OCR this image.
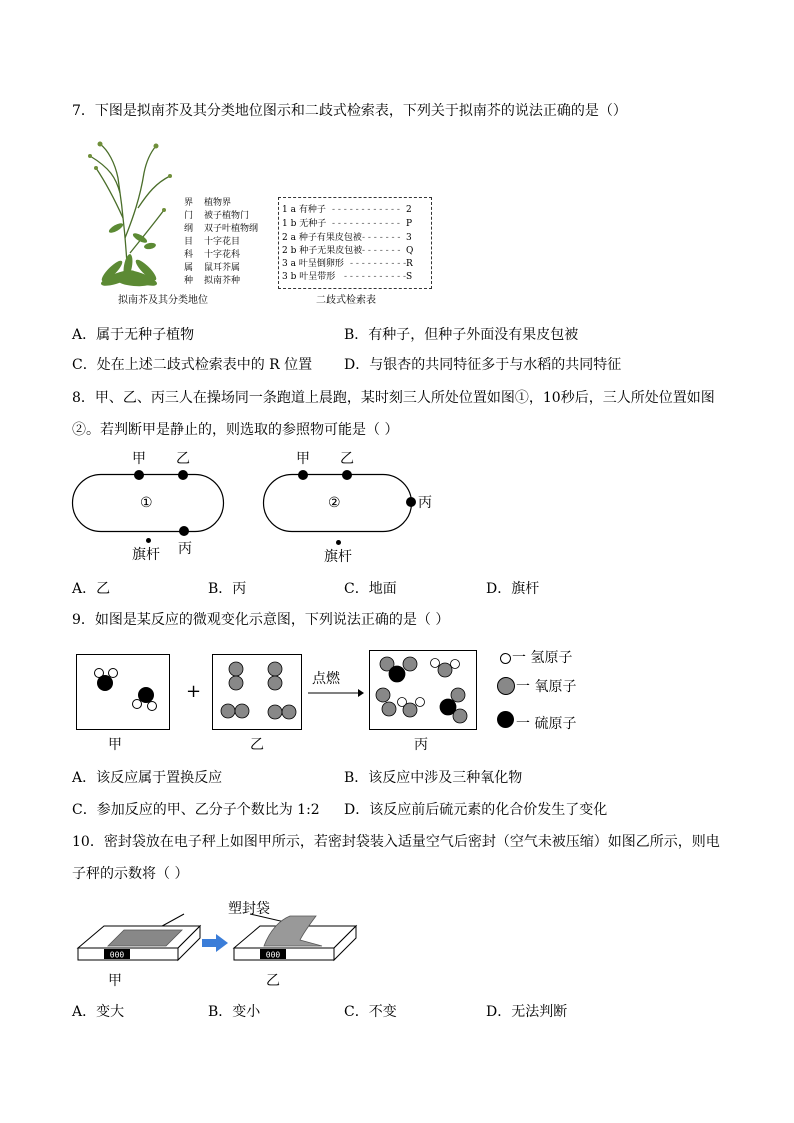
7．下图是拟南芥及其分类地位图示和二歧式检索表，下列关于拟南芥的说法正确的是（）
界 植物界
门 被子植物门
纲 双子叶植物纲
目 十字花目
科 十字花科
属 鼠耳芥属
种 拟南芥种
1 a 有种子 - - - - - - - - - - - - 2
1 b 无种子 - - - - - - - - - - - - P
2 a 种子有果皮包被 - - - - - - - 3
2 b 种子无果皮包被 - - - - - - - Q
3 a 叶呈倒卵形 - - - - - - - - - - R
3 b 叶呈带形 - - - - - - - - - - - S
拟南芥及其分类地位	二歧式检索表
A．属于无种子植物	B．有种子，但种子外面没有果皮包被
C．处在上述二歧式检索表中的 R 位置 D．与银杏的共同特征多于与水稻的共同特征
8．甲、乙、丙三人在操场同一条跑道上晨跑，某时刻三人所处位置如图①，10秒后，三人所处位置如图
②。若判断甲是静止的，则选取的参照物可能是（ ）
甲 乙
①
丙
旗杆
甲 乙
②	丙
旗杆
A．乙	B．丙	C．地面	D．旗杆
9．如图是某反应的微观变化示意图，下列说法正确的是（ ）
+
点燃
甲	乙	丙
一 氢原子
一 氧原子
一 硫原子
A．该反应属于置换反应	B．该反应中涉及三种氧化物
C．参加反应的甲、乙分子个数比为 1:2 D．该反应前后硫元素的化合价发生了变化
10．密封袋放在电子秤上如图甲所示，若密封袋装入适量空气后密封（空气未被压缩）如图乙所示，则电
子秤的示数将（ ）
塑封袋
000	000
甲	乙
A．变大	B．变小	C．不变	D．无法判断
